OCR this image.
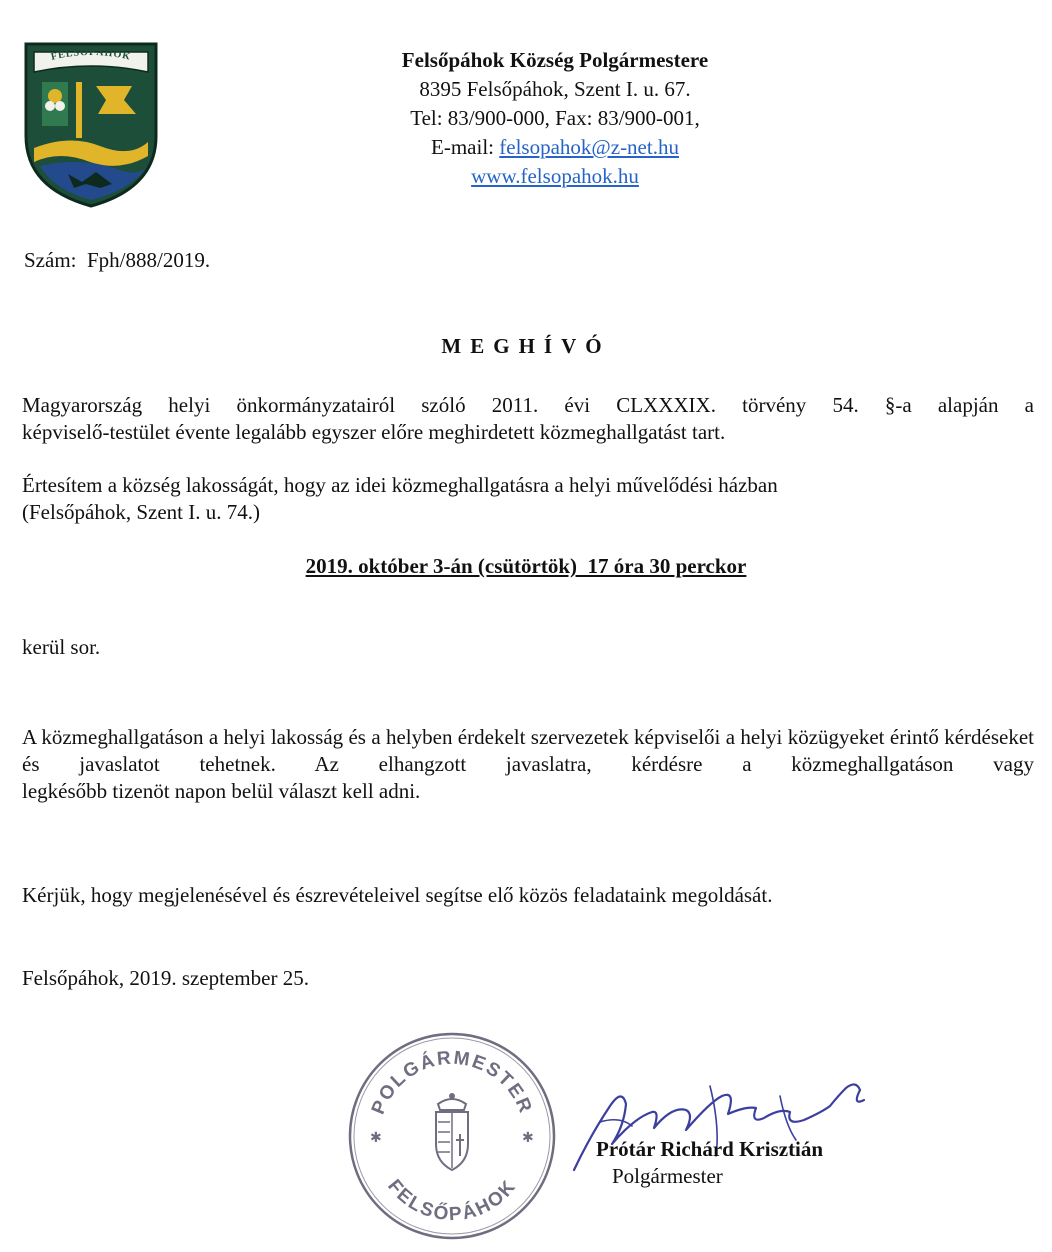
FELSŐPÁHOK	Felsőpáhok Község Polgármestere
8395 Felsőpáhok, Szent I. u. 67.
Tel: 83/900-000, Fax: 83/900-001,
E-mail: felsopahok@z-net.hu
www.felsopahok.hu
Szám:  Fph/888/2019.
MEGHÍVÓ
Magyarország helyi önkormányzatairól szóló 2011. évi CLXXXIX. törvény 54. §-a alapján a
képviselő-testület évente legalább egyszer előre meghirdetett közmeghallgatást tart.
Értesítem a község lakosságát, hogy az idei közmeghallgatásra a helyi művelődési házban
(Felsőpáhok, Szent I. u. 74.)
2019. október 3-án (csütörtök)  17 óra 30 perckor
kerül sor.
A közmeghallgatáson a helyi lakosság és a helyben érdekelt szervezetek képviselői a helyi közügyeket érintő kérdéseket és javaslatot tehetnek. Az elhangzott javaslatra, kérdésre a közmeghallgatáson vagy
legkésőbb tizenöt napon belül választ kell adni.
Kérjük, hogy megjelenésével és észrevételeivel segítse elő közös feladataink megoldását.
Felsőpáhok, 2019. szeptember 25.
POLGÁRMESTER
FELSŐPÁHOK
✱	✱	Prótár Richárd Krisztián
Polgármester
